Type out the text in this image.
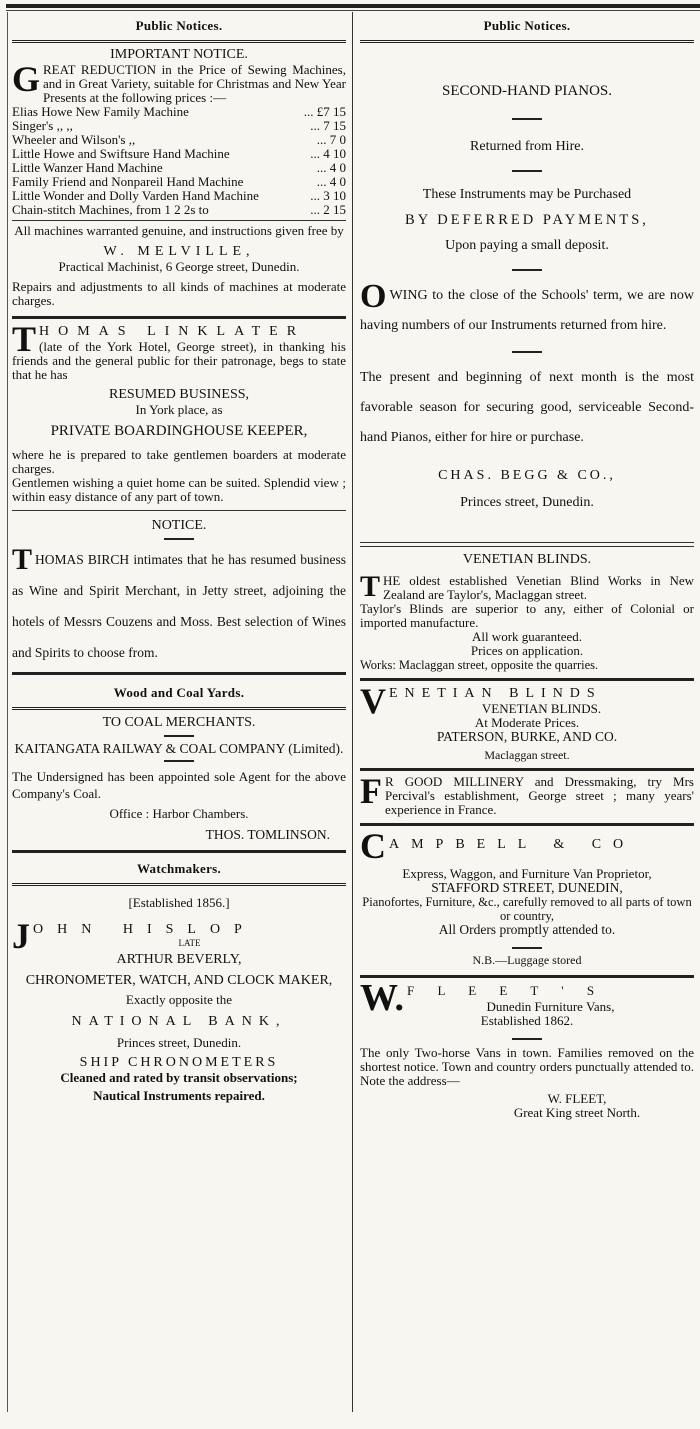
Public Notices.
IMPORTANT NOTICE.
GREAT REDUCTION in the Price of Sewing Machines, and in Great Variety, suitable for Christmas and New Year Presents at the following prices :—
Elias Howe New Family Machine	... £7 15
Singer's ,, ,,	... 7 15
Wheeler and Wilson's ,,	... 7 0
Little Howe and Swiftsure Hand Machine	... 4 10
Little Wanzer Hand Machine	... 4 0
Family Friend and Nonpareil Hand Machine	... 4 0
Little Wonder and Dolly Varden Hand Machine	... 3 10
Chain-stitch Machines, from 1 2 2s to	... 2 15
All machines warranted genuine, and instructions given free by
W. MELVILLE,
Practical Machinist, 6 George street, Dunedin.
Repairs and adjustments to all kinds of machines at moderate charges.
THOMAS LINKLATER
(late of the York Hotel, George street), in thanking his friends and the general public for their patronage, begs to state that he has
RESUMED BUSINESS,
In York place, as
PRIVATE BOARDINGHOUSE KEEPER,
where he is prepared to take gentlemen boarders at moderate charges.
Gentlemen wishing a quiet home can be suited. Splendid view ; within easy distance of any part of town.
NOTICE.
THOMAS BIRCH intimates that he has resumed business as Wine and Spirit Merchant, in Jetty street, adjoining the hotels of Messrs Couzens and Moss. Best selection of Wines and Spirits to choose from.
Wood and Coal Yards.
TO COAL MERCHANTS.
KAITANGATA RAILWAY & COAL COMPANY (Limited).
The Undersigned has been appointed sole Agent for the above Company's Coal.
Office : Harbor Chambers.
THOS. TOMLINSON.
Watchmakers.
[Established 1856.]
JOHN HISLOP
LATE
ARTHUR BEVERLY,
CHRONOMETER, WATCH, AND CLOCK MAKER,
Exactly opposite the
NATIONAL BANK,
Princes street, Dunedin.
SHIP CHRONOMETERS
Cleaned and rated by transit observations;
Nautical Instruments repaired.
Public Notices.
SECOND-HAND PIANOS.
Returned from Hire.
These Instruments may be Purchased
BY DEFERRED PAYMENTS,
Upon paying a small deposit.
OWING to the close of the Schools' term, we are now having numbers of our Instruments returned from hire.
The present and beginning of next month is the most favorable season for securing good, serviceable Second-hand Pianos, either for hire or purchase.
CHAS. BEGG & CO.,
Princes street, Dunedin.
VENETIAN BLINDS.
THE oldest established Venetian Blind Works in New Zealand are Taylor's, Maclaggan street.
Taylor's Blinds are superior to any, either of Colonial or imported manufacture.
All work guaranteed.
Prices on application.
Works: Maclaggan street, opposite the quarries.
VENETIAN BLINDS
VENETIAN BLINDS.
At Moderate Prices.
PATERSON, BURKE, AND CO.
Maclaggan street.
F R GOOD MILLINERY and Dressmaking, try Mrs Percival's establishment, George street ; many years' experience in France.
CAMPBELL & CO
Express, Waggon, and Furniture Van Proprietor,
STAFFORD STREET, DUNEDIN,
Pianofortes, Furniture, &c., carefully removed to all parts of town or country,
All Orders promptly attended to.
N.B.—Luggage stored
W. F L E E T ' S
Dunedin Furniture Vans,
Established 1862.
The only Two-horse Vans in town. Families removed on the shortest notice. Town and country orders punctually attended to. Note the address—
W. FLEET,
Great King street North.
